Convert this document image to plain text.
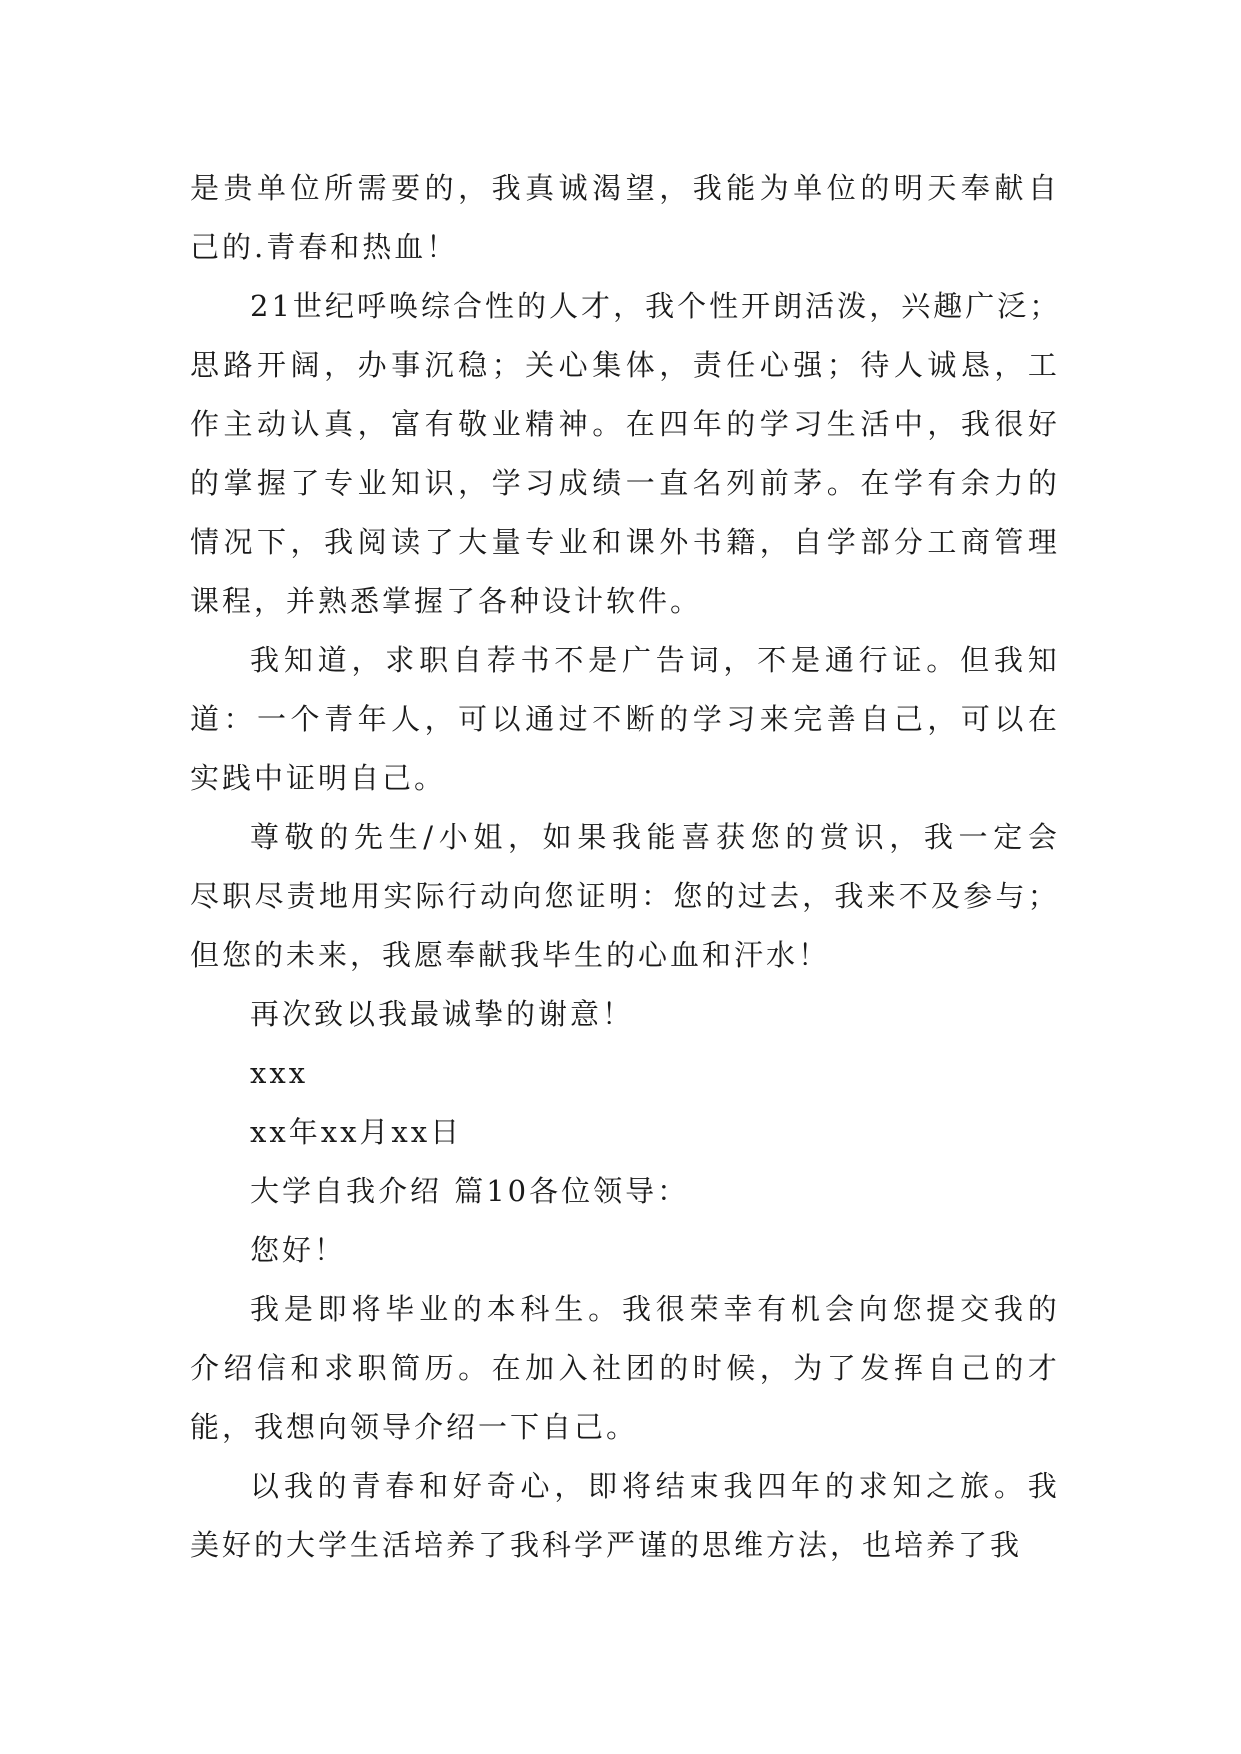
是 贵 单 位 所 需 要 的 ， 我 真 诚 渴 望 ， 我 能 为 单 位 的 明 天 奉 献 自
己的.青春和热血！
2 1 世 纪 呼 唤 综 合 性 的 人 才 ， 我 个 性 开 朗 活 泼 ， 兴 趣 广 泛 ；
思 路 开 阔 ， 办 事 沉 稳 ； 关 心 集 体 ， 责 任 心 强 ； 待 人 诚 恳 ， 工
作 主 动 认 真 ， 富 有 敬 业 精 神 。 在 四 年 的 学 习 生 活 中 ， 我 很 好
的 掌 握 了 专 业 知 识 ， 学 习 成 绩 一 直 名 列 前 茅 。 在 学 有 余 力 的
情 况 下 ， 我 阅 读 了 大 量 专 业 和 课 外 书 籍 ， 自 学 部 分 工 商 管 理
课程，并熟悉掌握了各种设计软件。
我 知 道 ， 求 职 自 荐 书 不 是 广 告 词 ， 不 是 通 行 证 。 但 我 知
道 ： 一 个 青 年 人 ， 可 以 通 过 不 断 的 学 习 来 完 善 自 己 ， 可 以 在
实践中证明自己。
尊 敬 的 先 生 / 小 姐 ， 如 果 我 能 喜 获 您 的 赏 识 ， 我 一 定 会
尽 职 尽 责 地 用 实 际 行 动 向 您 证 明 ： 您 的 过 去 ， 我 来 不 及 参 与 ；
但您的未来，我愿奉献我毕生的心血和汗水！
再次致以我最诚挚的谢意！
xxx
xx年xx月xx日
大学自我介绍 篇10各位领导：
您好！
我 是 即 将 毕 业 的 本 科 生 。 我 很 荣 幸 有 机 会 向 您 提 交 我 的
介 绍 信 和 求 职 简 历 。 在 加 入 社 团 的 时 候 ， 为 了 发 挥 自 己 的 才
能，我想向领导介绍一下自己。
以 我 的 青 春 和 好 奇 心 ， 即 将 结 束 我 四 年 的 求 知 之 旅 。 我
美好的大学生活培养了我科学严谨的思维方法，也培养了我
